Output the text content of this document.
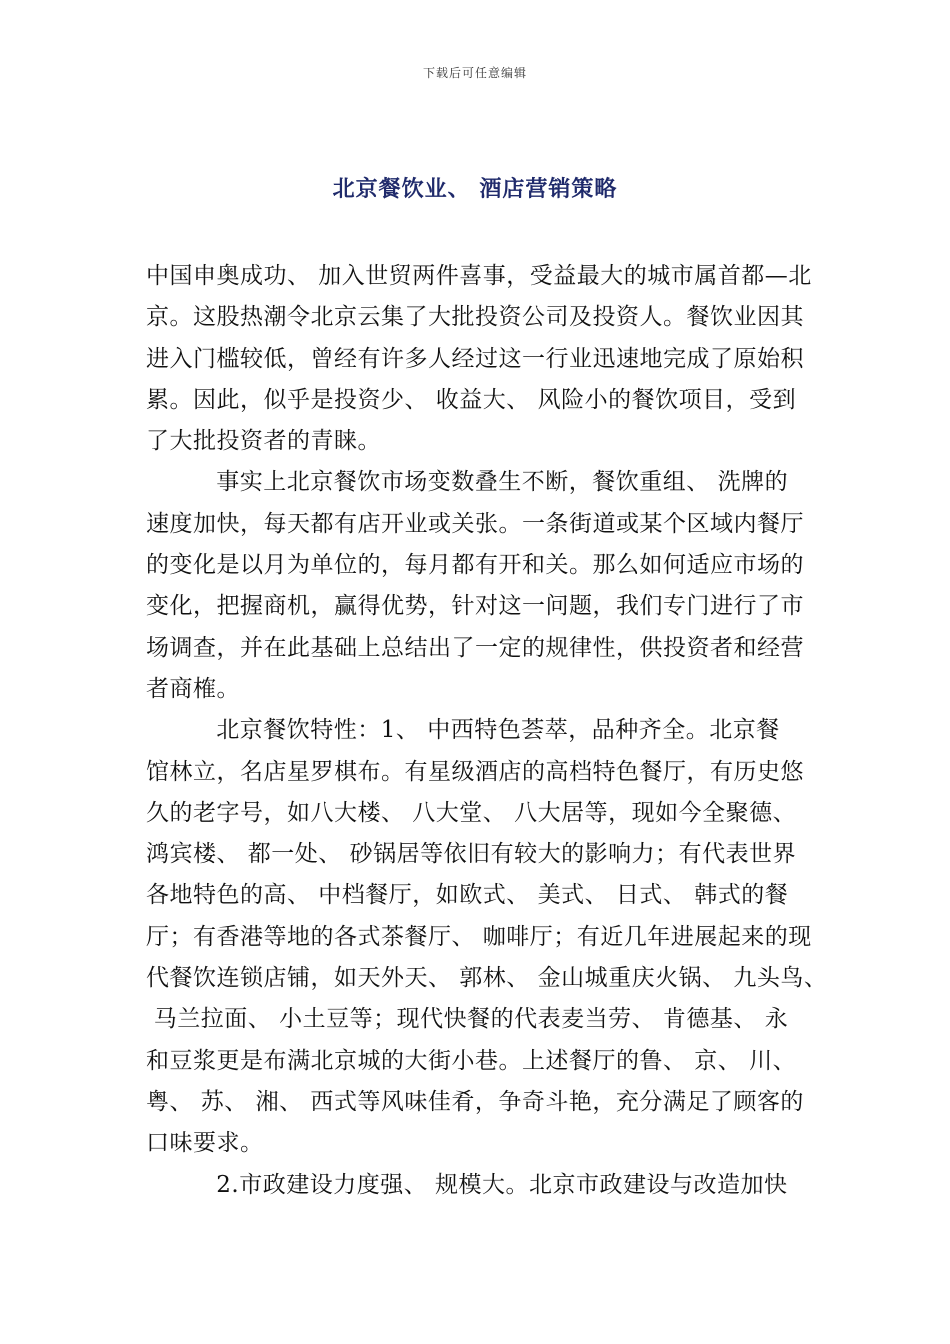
下载后可任意编辑
北京餐饮业、 酒店营销策略
中国申奥成功、 加入世贸两件喜事，受益最大的城市属首都—北
京。这股热潮令北京云集了大批投资公司及投资人。餐饮业因其
进入门槛较低，曾经有许多人经过这一行业迅速地完成了原始积
累。因此，似乎是投资少、 收益大、 风险小的餐饮项目，受到
了大批投资者的青睐。
事实上北京餐饮市场变数叠生不断，餐饮重组、 洗牌的
速度加快，每天都有店开业或关张。一条街道或某个区域内餐厅
的变化是以月为单位的，每月都有开和关。那么如何适应市场的
变化，把握商机，赢得优势，针对这一问题，我们专门进行了市
场调查，并在此基础上总结出了一定的规律性，供投资者和经营
者商榷。
北京餐饮特性：1、 中西特色荟萃，品种齐全。北京餐
馆林立，名店星罗棋布。有星级酒店的高档特色餐厅，有历史悠
久的老字号，如八大楼、 八大堂、 八大居等，现如今全聚德、
鸿宾楼、 都一处、 砂锅居等依旧有较大的影响力；有代表世界
各地特色的高、 中档餐厅，如欧式、 美式、 日式、 韩式的餐
厅；有香港等地的各式茶餐厅、 咖啡厅；有近几年进展起来的现
代餐饮连锁店铺，如天外天、 郭林、 金山城重庆火锅、 九头鸟、
马兰拉面、 小土豆等；现代快餐的代表麦当劳、 肯德基、 永
和豆浆更是布满北京城的大街小巷。上述餐厅的鲁、 京、 川、
粤、 苏、 湘、 西式等风味佳肴，争奇斗艳，充分满足了顾客的
口味要求。
2.市政建设力度强、 规模大。北京市政建设与改造加快
